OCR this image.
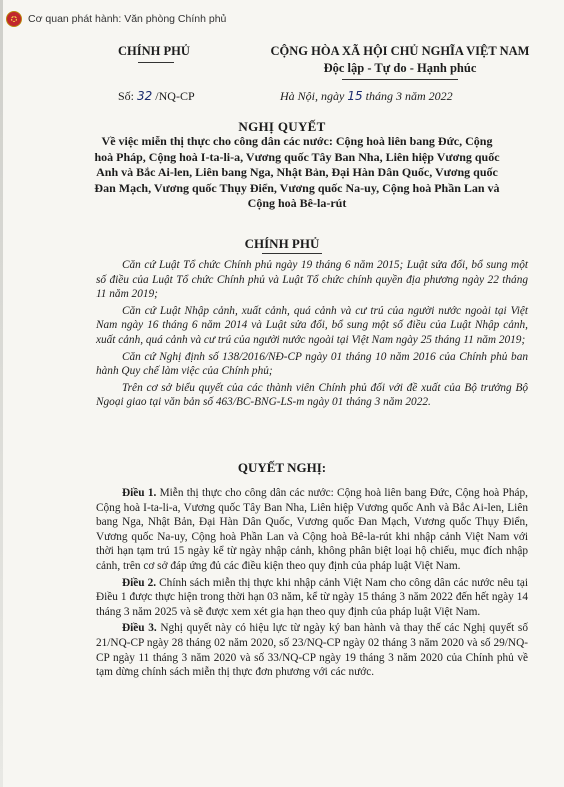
Cơ quan phát hành: Văn phòng Chính phủ
CHÍNH PHỦ	CỘNG HÒA XÃ HỘI CHỦ NGHĨA VIỆT NAM
Độc lập - Tự do - Hạnh phúc
Số: 32 /NQ-CP	Hà Nội, ngày 15 tháng 3 năm 2022
NGHỊ QUYẾT
Về việc miễn thị thực cho công dân các nước: Cộng hoà liên bang Đức, Cộng hoà Pháp, Cộng hoà I-ta-li-a, Vương quốc Tây Ban Nha, Liên hiệp Vương quốc Anh và Bắc Ai-len, Liên bang Nga, Nhật Bản, Đại Hàn Dân Quốc, Vương quốc Đan Mạch, Vương quốc Thụy Điển, Vương quốc Na-uy, Cộng hoà Phần Lan và Cộng hoà Bê-la-rút
CHÍNH PHỦ

Căn cứ Luật Tổ chức Chính phủ ngày 19 tháng 6 năm 2015; Luật sửa đổi, bổ sung một số điều của Luật Tổ chức Chính phủ và Luật Tổ chức chính quyền địa phương ngày 22 tháng 11 năm 2019;

Căn cứ Luật Nhập cảnh, xuất cảnh, quá cảnh và cư trú của người nước ngoài tại Việt Nam ngày 16 tháng 6 năm 2014 và Luật sửa đổi, bổ sung một số điều của Luật Nhập cảnh, xuất cảnh, quá cảnh và cư trú của người nước ngoài tại Việt Nam ngày 25 tháng 11 năm 2019;

Căn cứ Nghị định số 138/2016/NĐ-CP ngày 01 tháng 10 năm 2016 của Chính phủ ban hành Quy chế làm việc của Chính phủ;

Trên cơ sở biểu quyết của các thành viên Chính phủ đối với đề xuất của Bộ trưởng Bộ Ngoại giao tại văn bản số 463/BC-BNG-LS-m ngày 01 tháng 3 năm 2022.

QUYẾT NGHỊ:

Điều 1. Miễn thị thực cho công dân các nước: Cộng hoà liên bang Đức, Cộng hoà Pháp, Cộng hoà I-ta-li-a, Vương quốc Tây Ban Nha, Liên hiệp Vương quốc Anh và Bắc Ai-len, Liên bang Nga, Nhật Bản, Đại Hàn Dân Quốc, Vương quốc Đan Mạch, Vương quốc Thụy Điển, Vương quốc Na-uy, Cộng hoà Phần Lan và Cộng hoà Bê-la-rút khi nhập cảnh Việt Nam với thời hạn tạm trú 15 ngày kể từ ngày nhập cảnh, không phân biệt loại hộ chiếu, mục đích nhập cảnh, trên cơ sở đáp ứng đủ các điều kiện theo quy định của pháp luật Việt Nam.

Điều 2. Chính sách miễn thị thực khi nhập cảnh Việt Nam cho công dân các nước nêu tại Điều 1 được thực hiện trong thời hạn 03 năm, kể từ ngày 15 tháng 3 năm 2022 đến hết ngày 14 tháng 3 năm 2025 và sẽ được xem xét gia hạn theo quy định của pháp luật Việt Nam.

Điều 3. Nghị quyết này có hiệu lực từ ngày ký ban hành và thay thế các Nghị quyết số 21/NQ-CP ngày 28 tháng 02 năm 2020, số 23/NQ-CP ngày 02 tháng 3 năm 2020 và số 29/NQ-CP ngày 11 tháng 3 năm 2020 và số 33/NQ-CP ngày 19 tháng 3 năm 2020 của Chính phủ về tạm dừng chính sách miễn thị thực đơn phương với các nước.
